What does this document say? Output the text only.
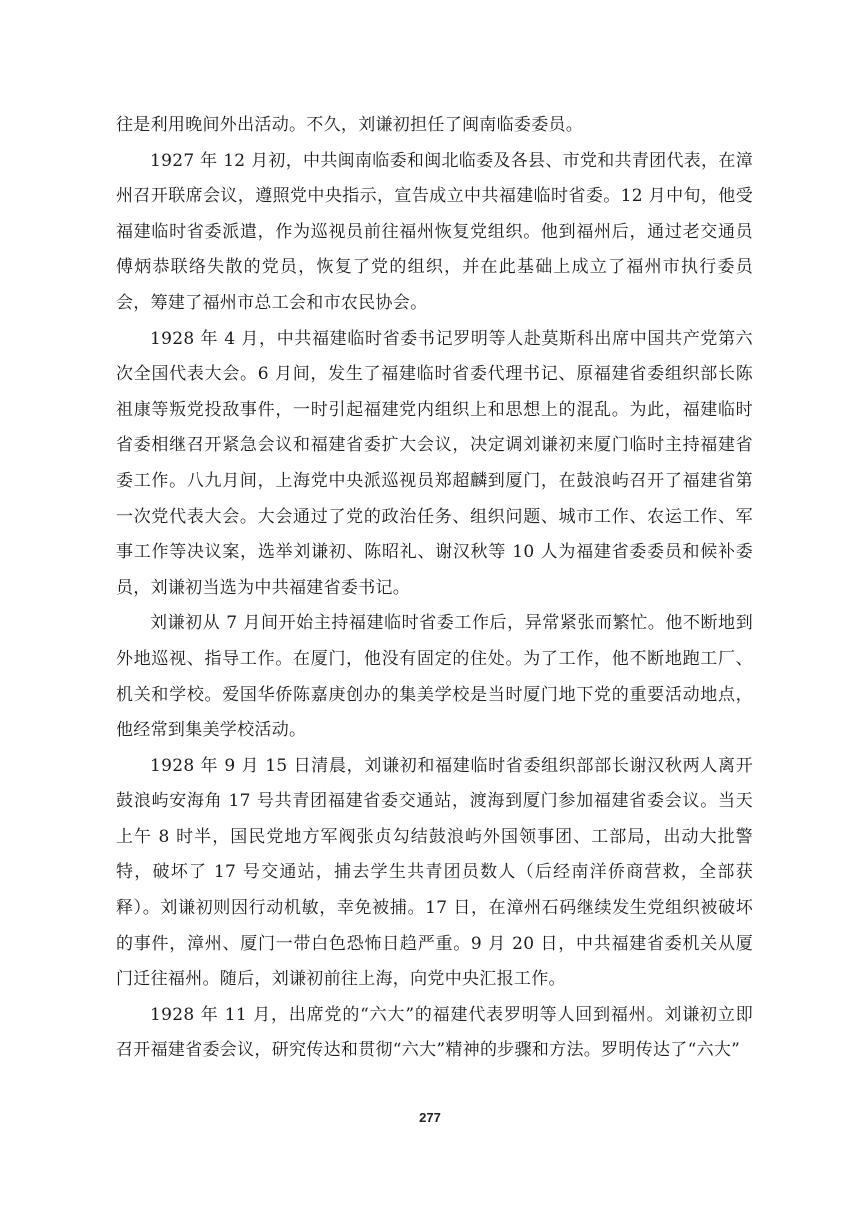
往是利用晚间外出活动。不久，刘谦初担任了闽南临委委员。

1927 年 12 月初，中共闽南临委和闽北临委及各县、市党和共青团代表，在漳州召开联席会议，遵照党中央指示，宣告成立中共福建临时省委。12 月中旬，他受福建临时省委派遣，作为巡视员前往福州恢复党组织。他到福州后，通过老交通员傅炳恭联络失散的党员，恢复了党的组织，并在此基础上成立了福州市执行委员会，筹建了福州市总工会和市农民协会。

1928 年 4 月，中共福建临时省委书记罗明等人赴莫斯科出席中国共产党第六次全国代表大会。6 月间，发生了福建临时省委代理书记、原福建省委组织部长陈祖康等叛党投敌事件，一时引起福建党内组织上和思想上的混乱。为此，福建临时省委相继召开紧急会议和福建省委扩大会议，决定调刘谦初来厦门临时主持福建省委工作。八九月间，上海党中央派巡视员郑超麟到厦门，在鼓浪屿召开了福建省第一次党代表大会。大会通过了党的政治任务、组织问题、城市工作、农运工作、军事工作等决议案，选举刘谦初、陈昭礼、谢汉秋等 10 人为福建省委委员和候补委员，刘谦初当选为中共福建省委书记。

刘谦初从 7 月间开始主持福建临时省委工作后，异常紧张而繁忙。他不断地到外地巡视、指导工作。在厦门，他没有固定的住处。为了工作，他不断地跑工厂、机关和学校。爱国华侨陈嘉庚创办的集美学校是当时厦门地下党的重要活动地点，他经常到集美学校活动。

1928 年 9 月 15 日清晨，刘谦初和福建临时省委组织部部长谢汉秋两人离开鼓浪屿安海角 17 号共青团福建省委交通站，渡海到厦门参加福建省委会议。当天上午 8 时半，国民党地方军阀张贞勾结鼓浪屿外国领事团、工部局，出动大批警特，破坏了 17 号交通站，捕去学生共青团员数人（后经南洋侨商营救，全部获释）。刘谦初则因行动机敏，幸免被捕。17 日，在漳州石码继续发生党组织被破坏的事件，漳州、厦门一带白色恐怖日趋严重。9 月 20 日，中共福建省委机关从厦门迁往福州。随后，刘谦初前往上海，向党中央汇报工作。

1928 年 11 月，出席党的“六大”的福建代表罗明等人回到福州。刘谦初立即召开福建省委会议，研究传达和贯彻“六大”精神的步骤和方法。罗明传达了“六大”

277
